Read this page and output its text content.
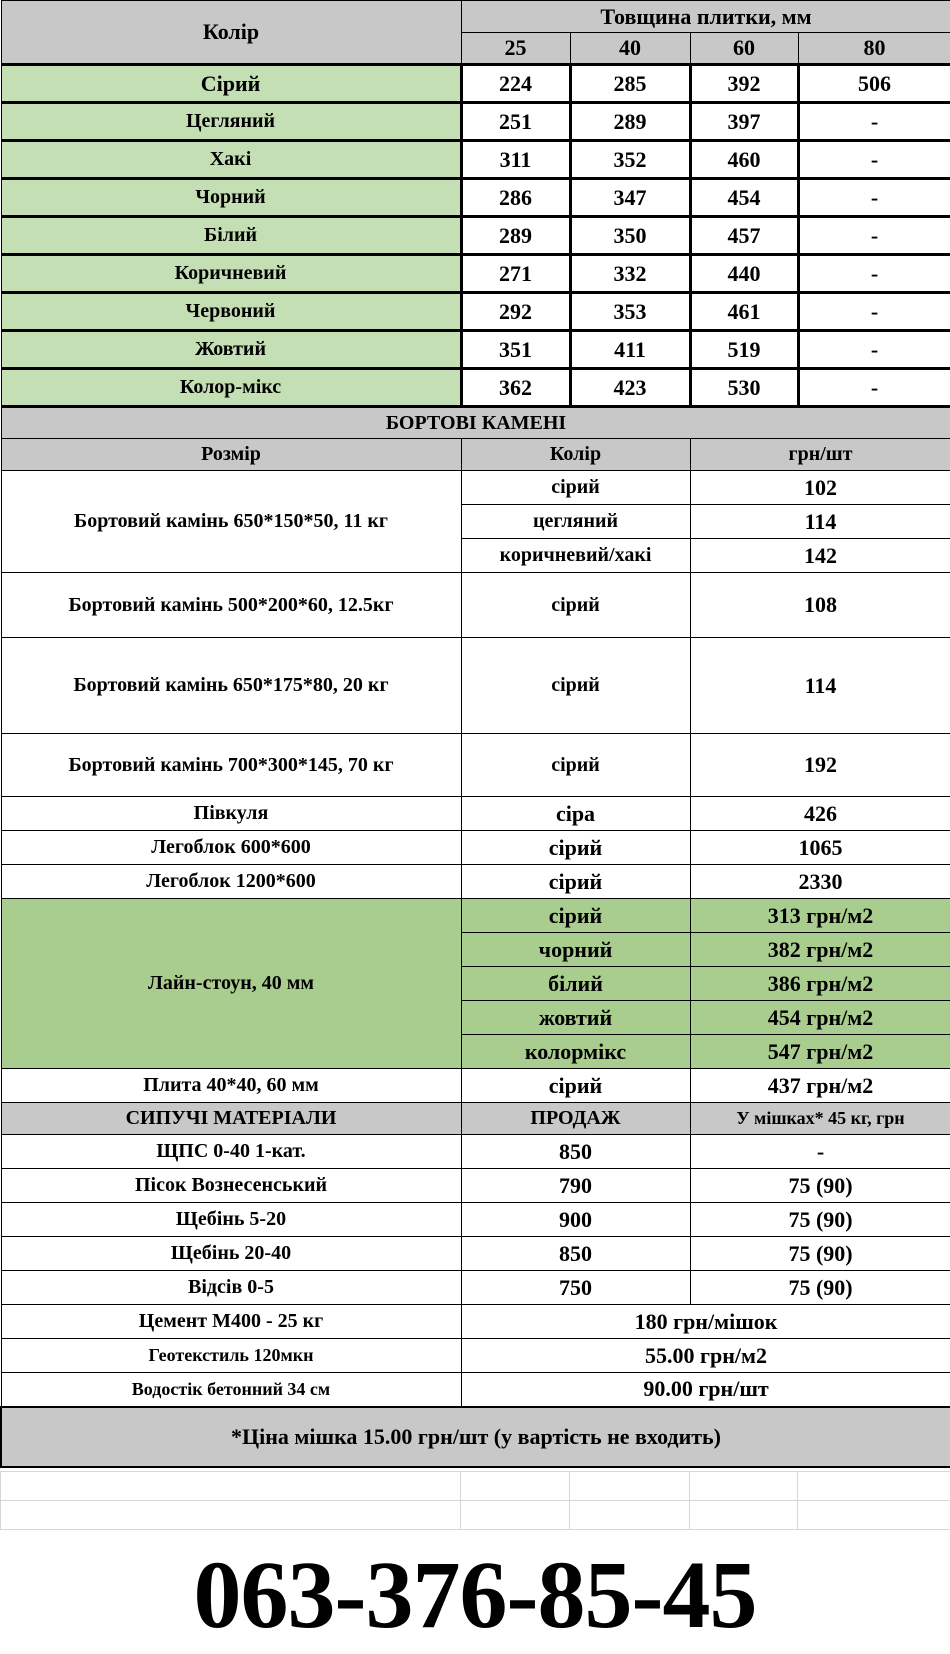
Колір	Товщина плитки, мм			
	25	40	60	80
Сірий	224	285	392	506
Цегляний	251	289	397	-
Хакі	311	352	460	-
Чорний	286	347	454	-
Білий	289	350	457	-
Коричневий	271	332	440	-
Червоний	292	353	461	-
Жовтий	351	411	519	-
Колор-мікс	362	423	530	-
БОРТОВІ КАМЕНІ				
Розмір	Колір		грн/шт	
Бортовий камінь 650*150*50, 11 кг	сірий		102	
	цегляний		114	
	коричневий/хакі		142	
Бортовий камінь 500*200*60, 12.5кг	сірий		108	
Бортовий камінь 650*175*80, 20 кг	сірий		114	
Бортовий камінь 700*300*145, 70 кг	сірий		192	
Півкуля	сіра		426	
Легоблок 600*600	сірий		1065	
Легоблок 1200*600	сірий		2330	
Лайн-стоун, 40 мм	сірий		313 грн/м2	
	чорний		382 грн/м2	
	білий		386 грн/м2	
	жовтий		454 грн/м2	
	колормікс		547 грн/м2	
Плита 40*40, 60 мм	сірий		437 грн/м2	
СИПУЧІ МАТЕРІАЛИ	ПРОДАЖ		У мішках* 45 кг, грн	
ЩПС 0-40 1-кат.	850		-	
Пісок Вознесенський	790		75 (90)	
Щебінь 5-20	900		75 (90)	
Щебінь 20-40	850		75 (90)	
Відсів 0-5	750		75 (90)	
Цемент М400 - 25 кг	180 грн/мішок			
Геотекстиль 120мкн	55.00 грн/м2			
Водостік бетонний 34 см	90.00 грн/шт			
*Ціна мішка 15.00 грн/шт (у вартість не входить)				

063-376-85-45
